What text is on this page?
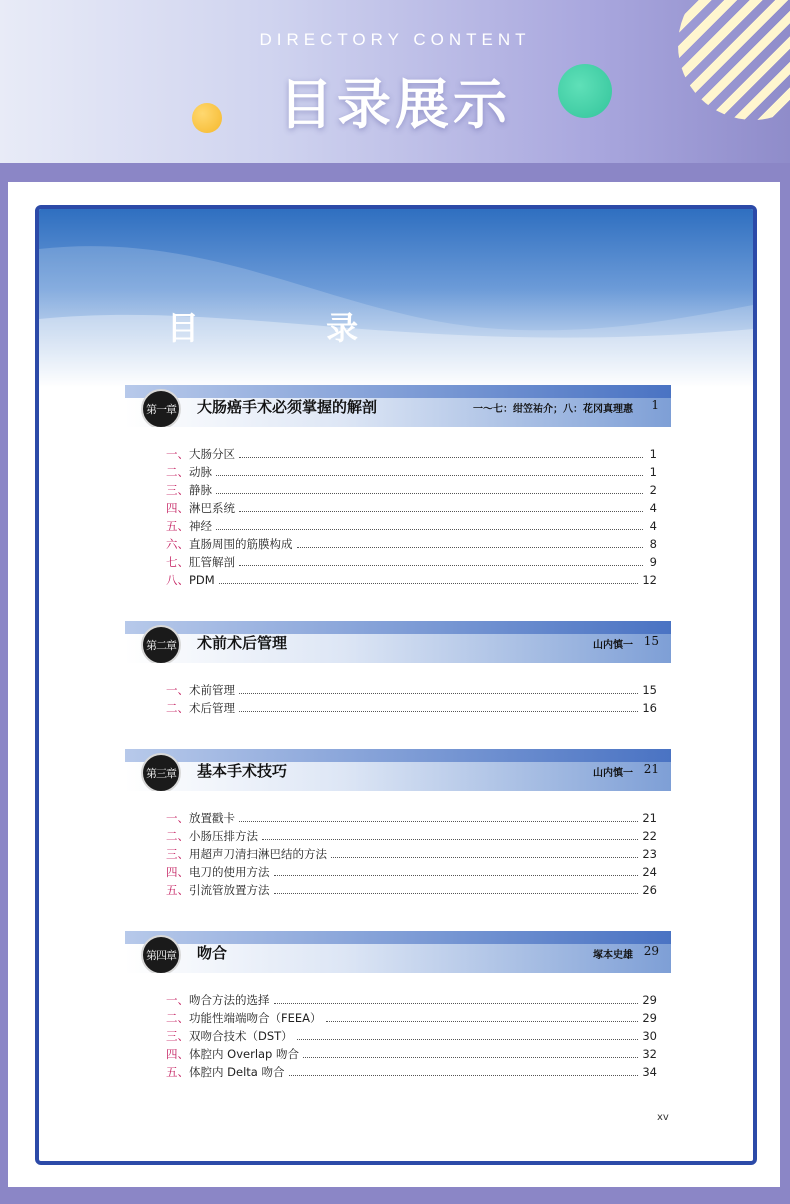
DIRECTORY CONTENT
目录展示
目 录
第一章	大肠癌手术必须掌握的解剖	一～七：绀笠祐介；八：花冈真理惠 1
一、 大肠分区	1
二、 动脉	1
三、 静脉	2
四、 淋巴系统	4
五、 神经	4
六、 直肠周围的筋膜构成	8
七、 肛管解剖	9
八、 PDM	12
第二章	术前术后管理	山内慎一 15
一、 术前管理	15
二、 术后管理	16
第三章	基本手术技巧	山内慎一 21
一、 放置戳卡	21
二、 小肠压排方法	22
三、 用超声刀清扫淋巴结的方法	23
四、 电刀的使用方法	24
五、 引流管放置方法	26
第四章	吻合	塚本史雄 29
一、 吻合方法的选择	29
二、 功能性端端吻合（FEEA）	29
三、 双吻合技术（DST）	30
四、 体腔内 Overlap 吻合	32
五、 体腔内 Delta 吻合	34
xv
